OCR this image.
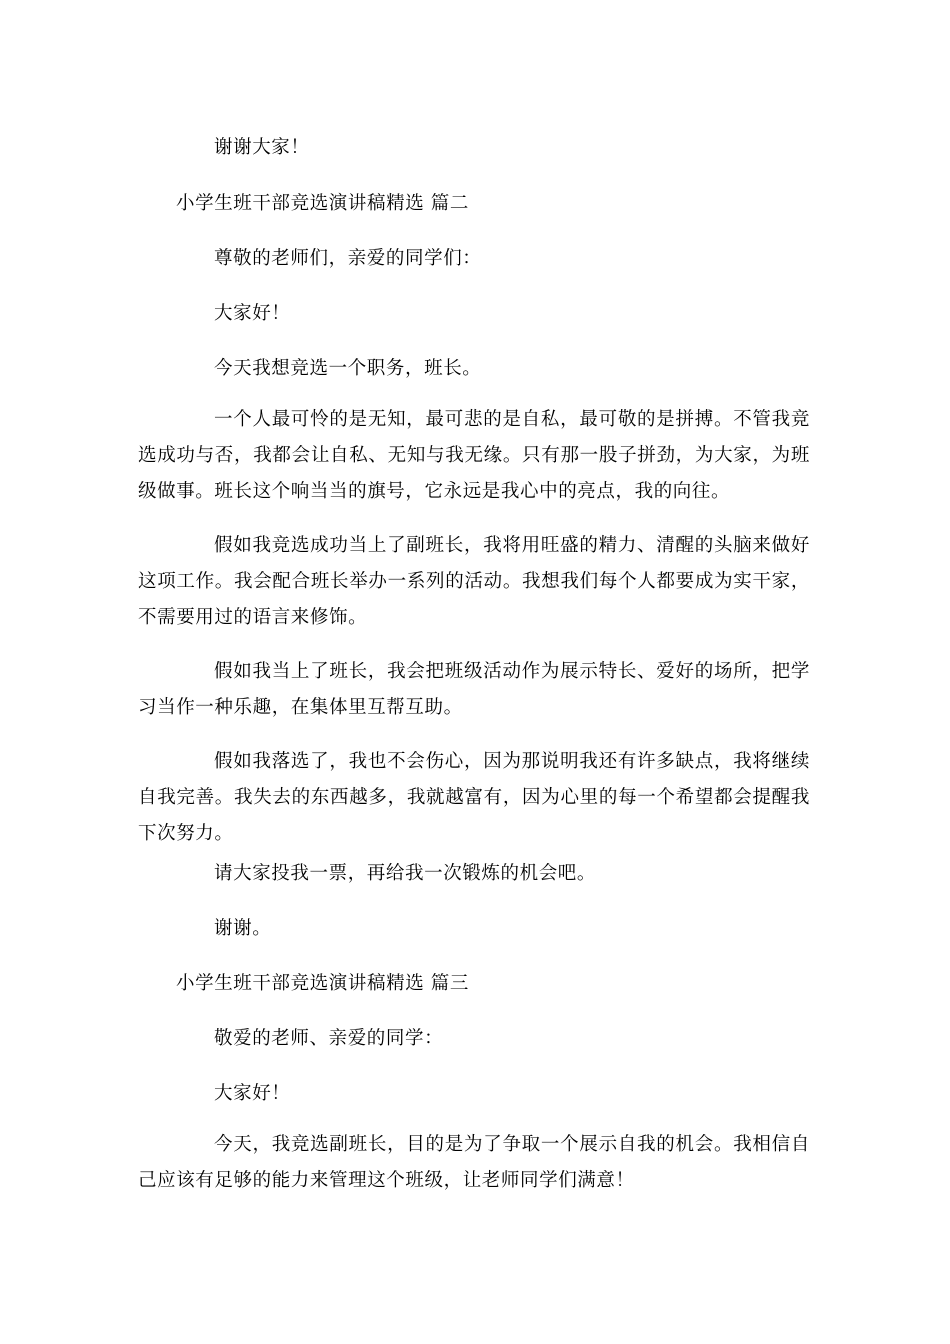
谢谢大家！
小学生班干部竞选演讲稿精选 篇二
尊敬的老师们，亲爱的同学们：
大家好！
今天我想竞选一个职务，班长。
一个人最可怜的是无知，最可悲的是自私，最可敬的是拼搏。不管我竞选成功与否，我都会让自私、无知与我无缘。只有那一股子拼劲，为大家，为班级做事。班长这个响当当的旗号，它永远是我心中的亮点，我的向往。
假如我竞选成功当上了副班长，我将用旺盛的精力、清醒的头脑来做好这项工作。我会配合班长举办一系列的活动。我想我们每个人都要成为实干家，不需要用过的语言来修饰。
假如我当上了班长，我会把班级活动作为展示特长、爱好的场所，把学习当作一种乐趣，在集体里互帮互助。
假如我落选了，我也不会伤心，因为那说明我还有许多缺点，我将继续自我完善。我失去的东西越多，我就越富有，因为心里的每一个希望都会提醒我下次努力。
请大家投我一票，再给我一次锻炼的机会吧。
谢谢。
小学生班干部竞选演讲稿精选 篇三
敬爱的老师、亲爱的同学：
大家好！
今天，我竞选副班长，目的是为了争取一个展示自我的机会。我相信自己应该有足够的能力来管理这个班级，让老师同学们满意！
